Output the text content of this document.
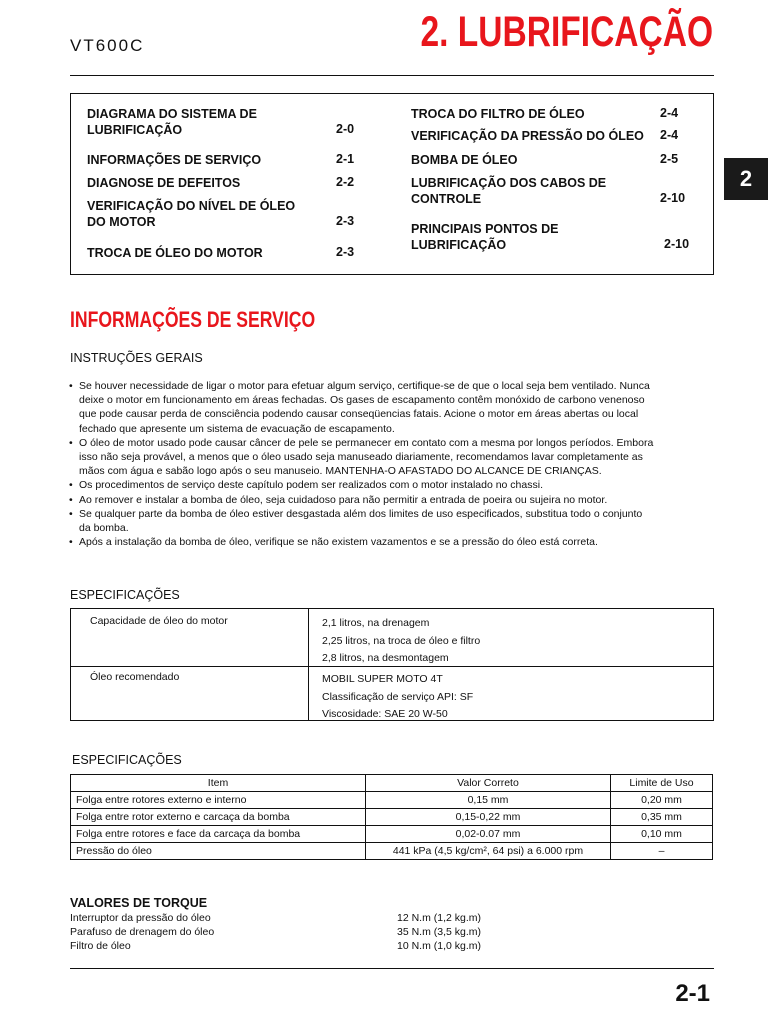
VT600C	2. LUBRIFICAÇÃO
2
DIAGRAMA DO SISTEMA DE
LUBRIFICAÇÃO	2-0
INFORMAÇÕES DE SERVIÇO	2-1
DIAGNOSE DE DEFEITOS	2-2
VERIFICAÇÃO DO NÍVEL DE ÓLEO
DO MOTOR	2-3
TROCA DE ÓLEO DO MOTOR	2-3
TROCA DO FILTRO DE ÓLEO	2-4
VERIFICAÇÃO DA PRESSÃO DO ÓLEO 2-4
BOMBA DE ÓLEO	2-5
LUBRIFICAÇÃO DOS CABOS DE
CONTROLE	2-10
PRINCIPAIS PONTOS DE
LUBRIFICAÇÃO	2-10
INFORMAÇÕES DE SERVIÇO
INSTRUÇÕES GERAIS
• Se houver necessidade de ligar o motor para efetuar algum serviço, certifique-se de que o local seja bem ventilado. Nunca
deixe o motor em funcionamento em áreas fechadas. Os gases de escapamento contêm monóxido de carbono venenoso
que pode causar perda de consciência podendo causar conseqüencias fatais. Acione o motor em áreas abertas ou local
fechado que apresente um sistema de evacuação de escapamento.
• O óleo de motor usado pode causar câncer de pele se permanecer em contato com a mesma por longos períodos. Embora
isso não seja provável, a menos que o óleo usado seja manuseado diariamente, recomendamos lavar completamente as
mãos com água e sabão logo após o seu manuseio. MANTENHA-O AFASTADO DO ALCANCE DE CRIANÇAS.
• Os procedimentos de serviço deste capítulo podem ser realizados com o motor instalado no chassi.
• Ao remover e instalar a bomba de óleo, seja cuidadoso para não permitir a entrada de poeira ou sujeira no motor.
• Se qualquer parte da bomba de óleo estiver desgastada além dos limites de uso especificados, substitua todo o conjunto
da bomba.
• Após a instalação da bomba de óleo, verifique se não existem vazamentos e se a pressão do óleo está correta.
ESPECIFICAÇÕES
Capacidade de óleo do motor	2,1 litros, na drenagem
2,25 litros, na troca de óleo e filtro
2,8 litros, na desmontagem
Óleo recomendado	MOBIL SUPER MOTO 4T
Classificação de serviço API: SF
Viscosidade: SAE 20 W-50
ESPECIFICAÇÕES
Item	Valor Correto	Limite de Uso
Folga entre rotores externo e interno	0,15 mm	0,20 mm
Folga entre rotor externo e carcaça da bomba	0,15-0,22 mm	0,35 mm
Folga entre rotores e face da carcaça da bomba	0,02-0.07 mm	0,10 mm
Pressão do óleo	441 kPa (4,5 kg/cm², 64 psi) a 6.000 rpm	–
VALORES DE TORQUE
Interruptor da pressão do óleo	12 N.m (1,2 kg.m)
Parafuso de drenagem do óleo	35 N.m (3,5 kg.m)
Filtro de óleo	10 N.m (1,0 kg.m)
2-1
